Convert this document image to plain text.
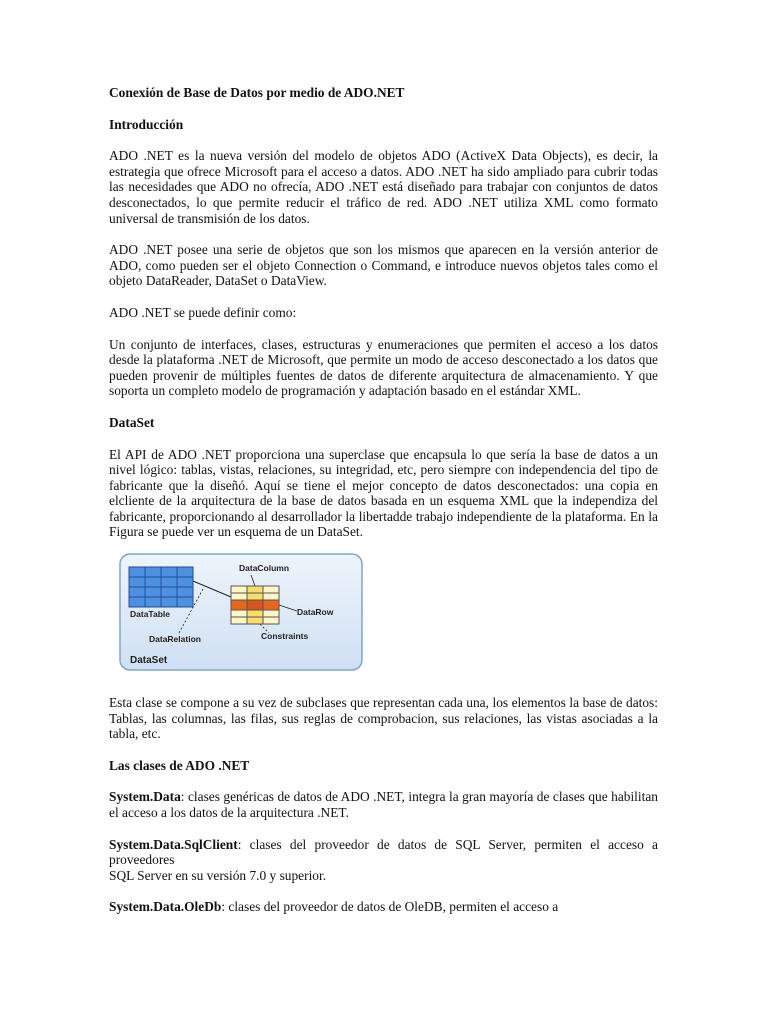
Conexión de Base de Datos por medio de ADO.NET
Introducción

ADO .NET es la nueva versión del modelo de objetos ADO (ActiveX Data Objects), es decir, la estrategia que ofrece Microsoft para el acceso a datos. ADO .NET ha sido ampliado para cubrir todas las necesidades que ADO no ofrecía, ADO .NET está diseñado para trabajar con conjuntos de datos desconectados, lo que permite reducir el tráfico de red. ADO .NET utiliza XML como formato universal de transmisión de los datos.

ADO .NET posee una serie de objetos que son los mismos que aparecen en la versión anterior de ADO, como pueden ser el objeto Connection o Command, e introduce nuevos objetos tales como el objeto DataReader, DataSet o DataView.

ADO .NET se puede definir como:

Un conjunto de interfaces, clases, estructuras y enumeraciones que permiten el acceso a los datos desde la plataforma .NET de Microsoft, que permite un modo de acceso desconectado a los datos que pueden provenir de múltiples fuentes de datos de diferente arquitectura de almacenamiento. Y que soporta un completo modelo de programación y adaptación basado en el estándar XML.

DataSet

El API de ADO .NET proporciona una superclase que encapsula lo que sería la base de datos a un nivel lógico: tablas, vistas, relaciones, su integridad, etc, pero siempre con independencia del tipo de fabricante que la diseñó. Aquí se tiene el mejor concepto de datos desconectados: una copia en elcliente de la arquitectura de la base de datos basada en un esquema XML que la independiza del fabricante, proporcionando al desarrollador la libertadde trabajo independiente de la plataforma. En la Figura se puede ver un esquema de un DataSet.

DataColumn
DataTable	DataRow
DataRelation	Constraints
DataSet

Esta clase se compone a su vez de subclases que representan cada una, los elementos la base de datos: Tablas, las columnas, las filas, sus reglas de comprobacion, sus relaciones, las vistas asociadas a la tabla, etc.

Las clases de ADO .NET

System.Data: clases genéricas de datos de ADO .NET, integra la gran mayoría de clases que habilitan el acceso a los datos de la arquitectura .NET.

System.Data.SqlClient: clases del proveedor de datos de SQL Server, permiten el acceso a proveedores
SQL Server en su versión 7.0 y superior.

System.Data.OleDb: clases del proveedor de datos de OleDB, permiten el acceso a
